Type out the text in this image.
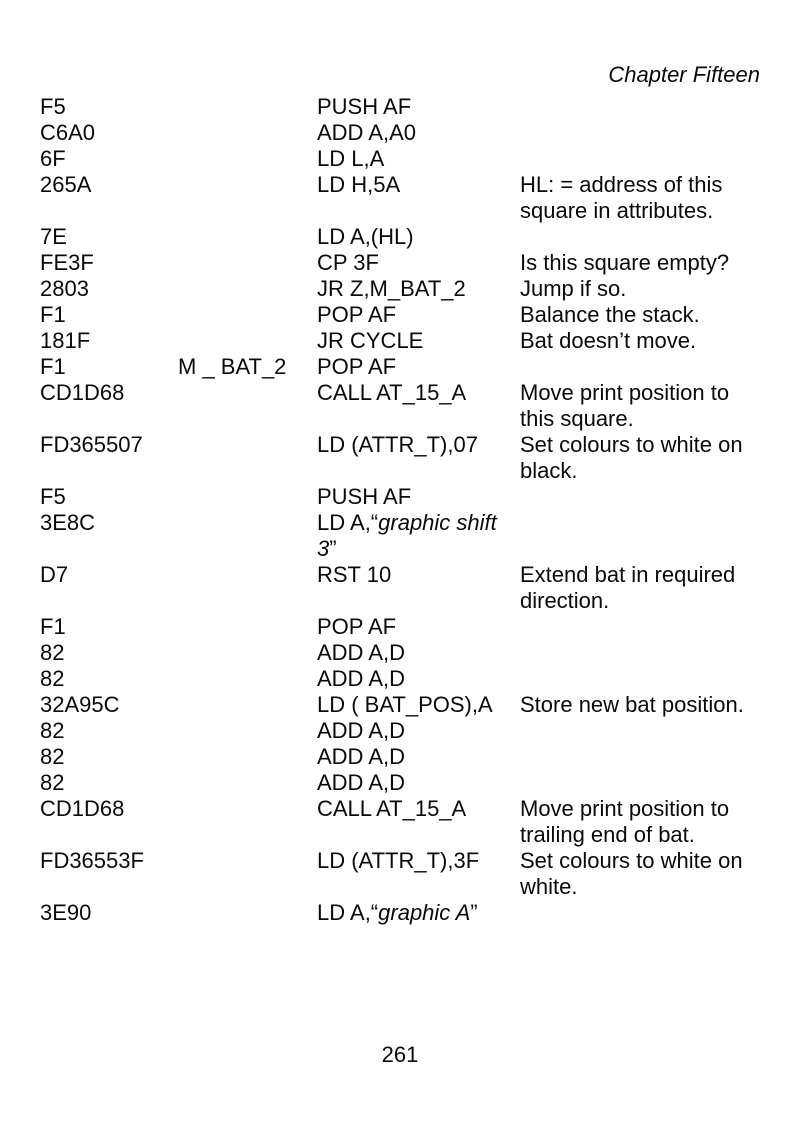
Chapter Fifteen
F5	PUSH AF
C6A0	ADD A,A0
6F	LD L,A
265A	LD H,5A	HL: = address of this
square in attributes.
7E	LD A,(HL)
FE3F	CP 3F	Is this square empty?
2803	JR Z,M_BAT_2	Jump if so.
F1	POP AF	Balance the stack.
181F	JR CYCLE	Bat doesn’t move.
F1	M _ BAT_2	POP AF
CD1D68	CALL AT_15_A	Move print position to
this square.
FD365507	LD (ATTR_T),07	Set colours to white on
black.
F5	PUSH AF
3E8C	LD A,“graphic shift
3”
D7	RST 10	Extend bat in required
direction.
F1	POP AF
82	ADD A,D
82	ADD A,D
32A95C	LD ( BAT_POS),A	Store new bat position.
82	ADD A,D
82	ADD A,D
82	ADD A,D
CD1D68	CALL AT_15_A	Move print position to
trailing end of bat.
FD36553F	LD (ATTR_T),3F	Set colours to white on
white.
3E90	LD A,“graphic A”
261
